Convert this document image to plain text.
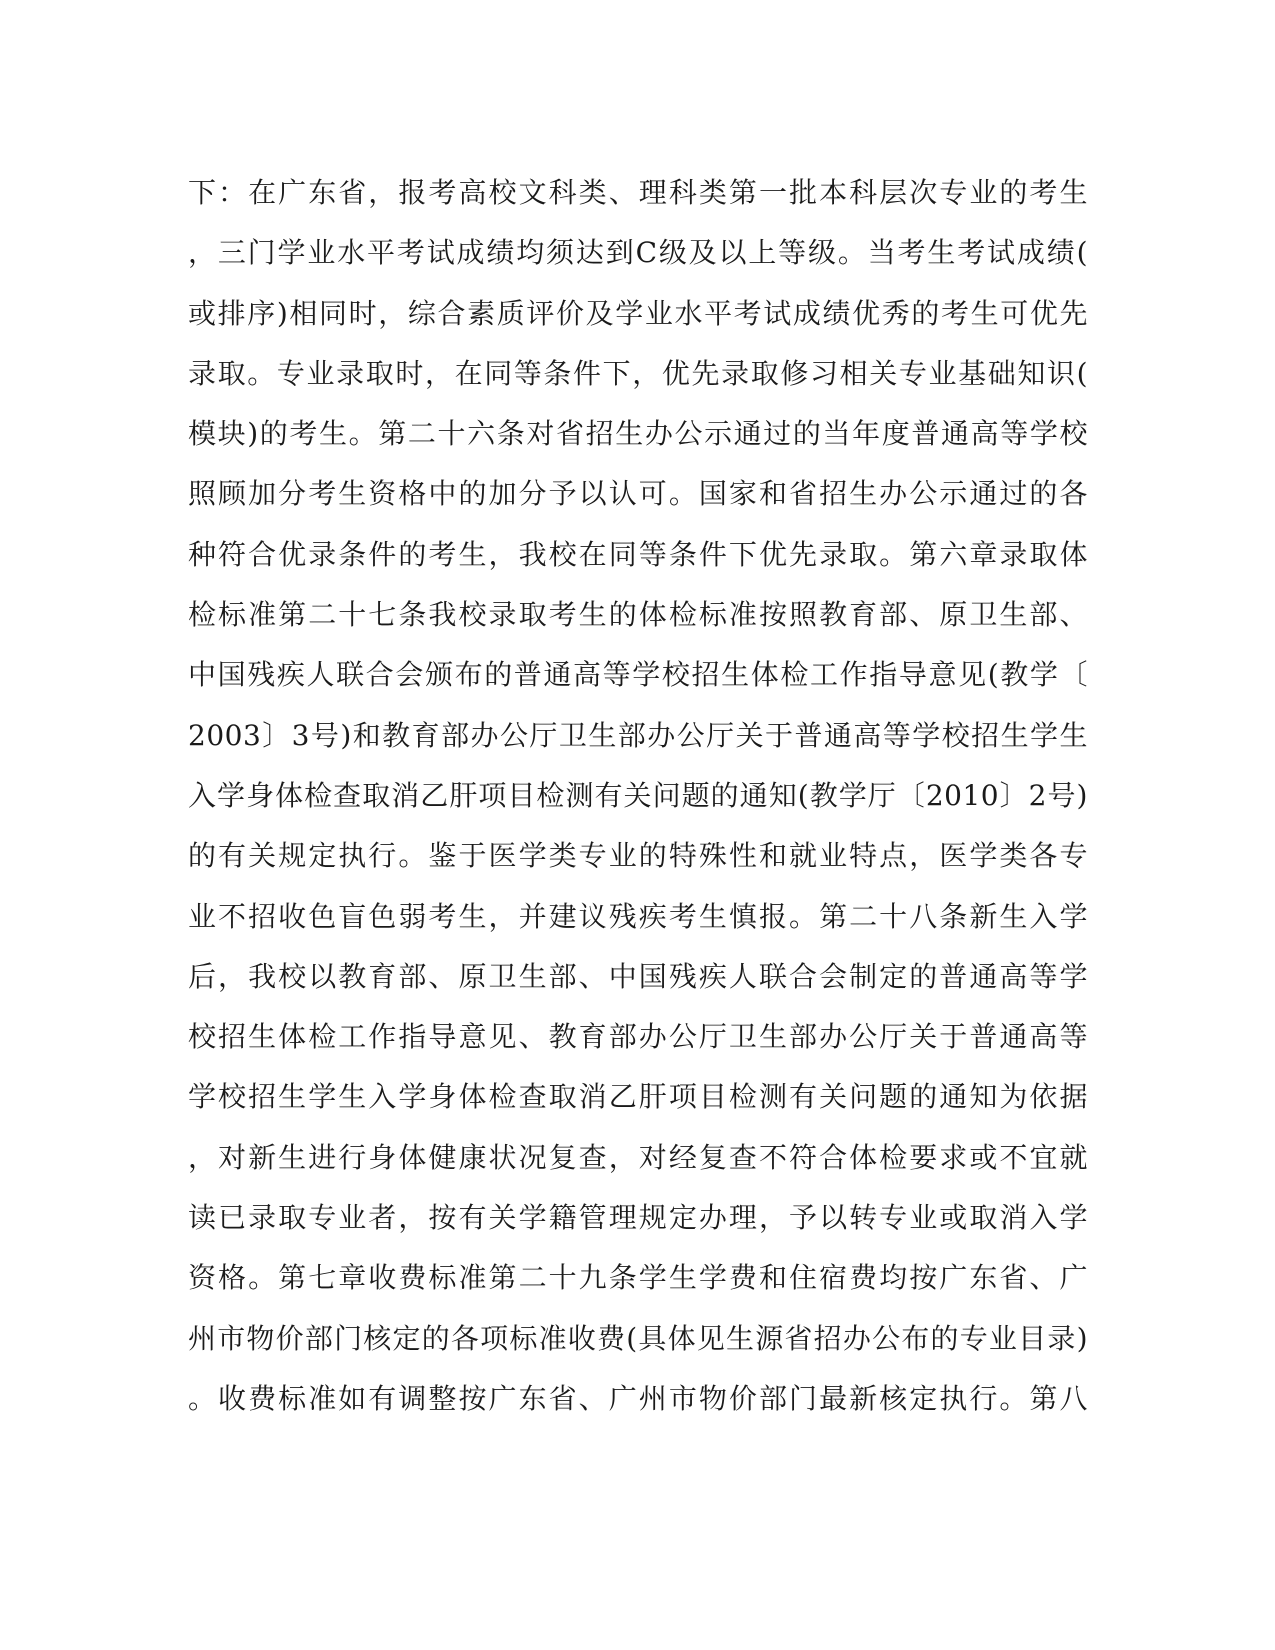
下：在广东省，报考高校文科类、理科类第一批本科层次专业的考生
，三门学业水平考试成绩均须达到C级及以上等级。当考生考试成绩(
或排序)相同时，综合素质评价及学业水平考试成绩优秀的考生可优先
录取。专业录取时，在同等条件下，优先录取修习相关专业基础知识(
模块)的考生。第二十六条对省招生办公示通过的当年度普通高等学校
照顾加分考生资格中的加分予以认可。国家和省招生办公示通过的各
种符合优录条件的考生，我校在同等条件下优先录取。第六章录取体
检标准第二十七条我校录取考生的体检标准按照教育部、原卫生部、
中国残疾人联合会颁布的普通高等学校招生体检工作指导意见(教学〔
2003〕3号)和教育部办公厅卫生部办公厅关于普通高等学校招生学生
入学身体检查取消乙肝项目检测有关问题的通知(教学厅〔2010〕2号)
的有关规定执行。鉴于医学类专业的特殊性和就业特点，医学类各专
业不招收色盲色弱考生，并建议残疾考生慎报。第二十八条新生入学
后，我校以教育部、原卫生部、中国残疾人联合会制定的普通高等学
校招生体检工作指导意见、教育部办公厅卫生部办公厅关于普通高等
学校招生学生入学身体检查取消乙肝项目检测有关问题的通知为依据
，对新生进行身体健康状况复查，对经复查不符合体检要求或不宜就
读已录取专业者，按有关学籍管理规定办理，予以转专业或取消入学
资格。第七章收费标准第二十九条学生学费和住宿费均按广东省、广
州市物价部门核定的各项标准收费(具体见生源省招办公布的专业目录)
。收费标准如有调整按广东省、广州市物价部门最新核定执行。第八
